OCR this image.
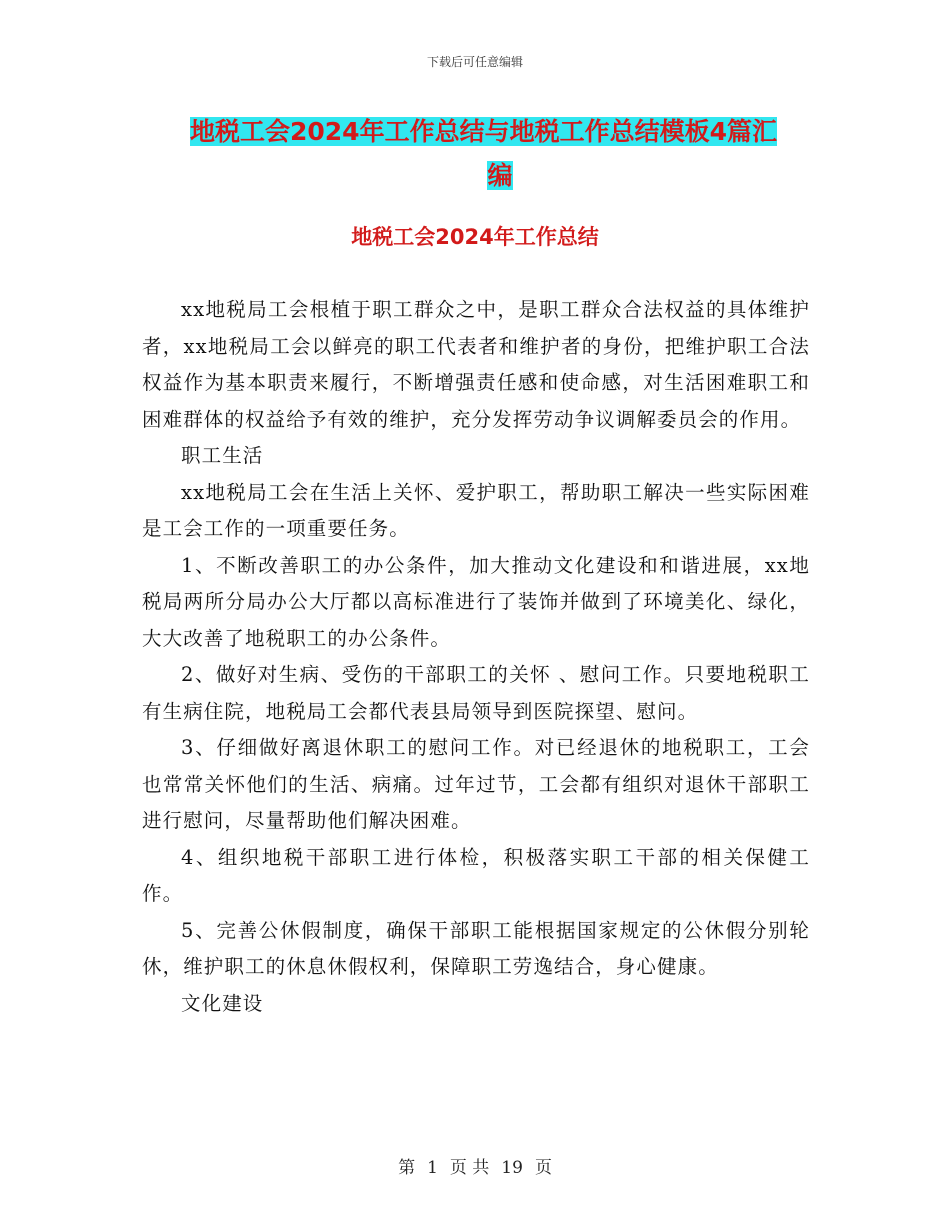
下载后可任意编辑
地税工会2024年工作总结与地税工作总结模板4篇汇
编
地税工会2024年工作总结

xx地税局工会根植于职工群众之中，是职工群众合法权益的具体维护者，xx地税局工会以鲜亮的职工代表者和维护者的身份，把维护职工合法权益作为基本职责来履行，不断增强责任感和使命感，对生活困难职工和困难群体的权益给予有效的维护，充分发挥劳动争议调解委员会的作用。

职工生活

xx地税局工会在生活上关怀、爱护职工，帮助职工解决一些实际困难是工会工作的一项重要任务。

1、不断改善职工的办公条件，加大推动文化建设和和谐进展，xx地税局两所分局办公大厅都以高标准进行了装饰并做到了环境美化、绿化，大大改善了地税职工的办公条件。

2、做好对生病、受伤的干部职工的关怀 、慰问工作。只要地税职工有生病住院，地税局工会都代表县局领导到医院探望、慰问。

3、仔细做好离退休职工的慰问工作。对已经退休的地税职工，工会也常常关怀他们的生活、病痛。过年过节，工会都有组织对退休干部职工进行慰问，尽量帮助他们解决困难。

4、组织地税干部职工进行体检，积极落实职工干部的相关保健工作。

5、完善公休假制度，确保干部职工能根据国家规定的公休假分别轮休，维护职工的休息休假权利，保障职工劳逸结合，身心健康。

文化建设

第 1 页 共 19 页
